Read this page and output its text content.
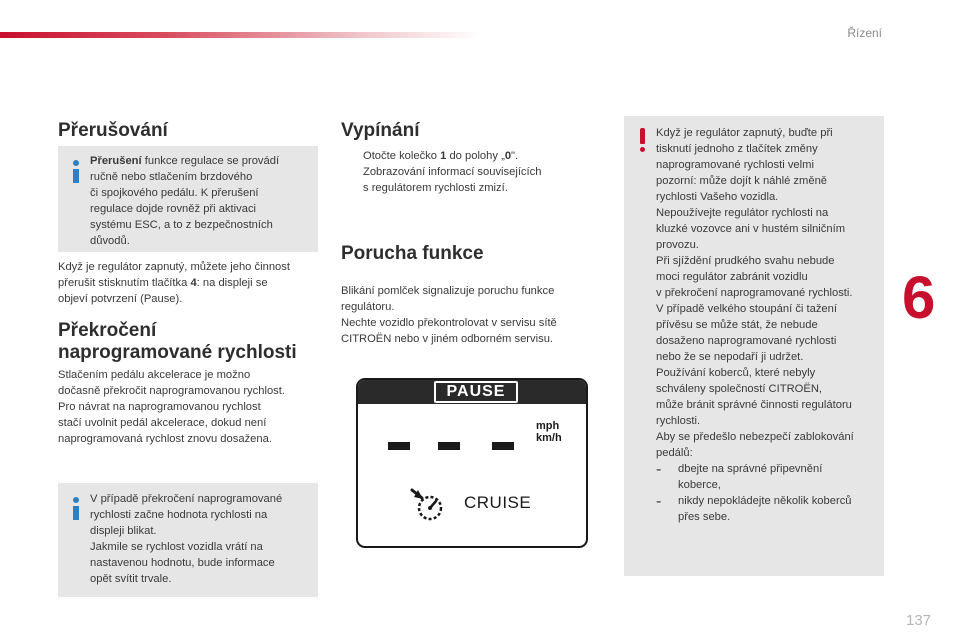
Řízení
6
137
Přerušování

Přerušení funkce regulace se provádí

ručně nebo stlačením brzdového

či spojkového pedálu. K přerušení

regulace dojde rovněž při aktivaci

systému ESC, a to z bezpečnostních

důvodů.

Když je regulátor zapnutý, můžete jeho činnost

přerušit stisknutím tlačítka 4: na displeji se

objeví potvrzení (Pause).

Překročení
naprogramované rychlosti

Stlačením pedálu akcelerace je možno

dočasně překročit naprogramovanou rychlost.

Pro návrat na naprogramovanou rychlost

stačí uvolnit pedál akcelerace, dokud není

naprogramovaná rychlost znovu dosažena.

V případě překročení naprogramované

rychlosti začne hodnota rychlosti na

displeji blikat.

Jakmile se rychlost vozidla vrátí na

nastavenou hodnotu, bude informace

opět svítit trvale.

Vypínání

Otočte kolečko 1 do polohy „0".

Zobrazování informací souvisejících

s regulátorem rychlosti zmizí.

Porucha funkce

Blikání pomlček signalizuje poruchu funkce

regulátoru.

Nechte vozidlo překontrolovat v servisu sítě

CITROËN nebo v jiném odborném servisu.

PAUSE
mph
km/h
CRUISE

Když je regulátor zapnutý, buďte při

tisknutí jednoho z tlačítek změny

naprogramované rychlosti velmi

pozorní: může dojít k náhlé změně

rychlosti Vašeho vozidla.

Nepoužívejte regulátor rychlosti na

kluzké vozovce ani v hustém silničním

provozu.

Při sjíždění prudkého svahu nebude

moci regulátor zabránit vozidlu

v překročení naprogramované rychlosti.

V případě velkého stoupání či tažení

přívěsu se může stát, že nebude

dosaženo naprogramované rychlosti

nebo že se nepodaří ji udržet.

Používání koberců, které nebyly

schváleny společností CITROËN,

může bránit správné činnosti regulátoru

rychlosti.

Aby se předešlo nebezpečí zablokování

pedálů:

-	dbejte na správné připevnění

koberce,

-	nikdy nepokládejte několik koberců

přes sebe.
